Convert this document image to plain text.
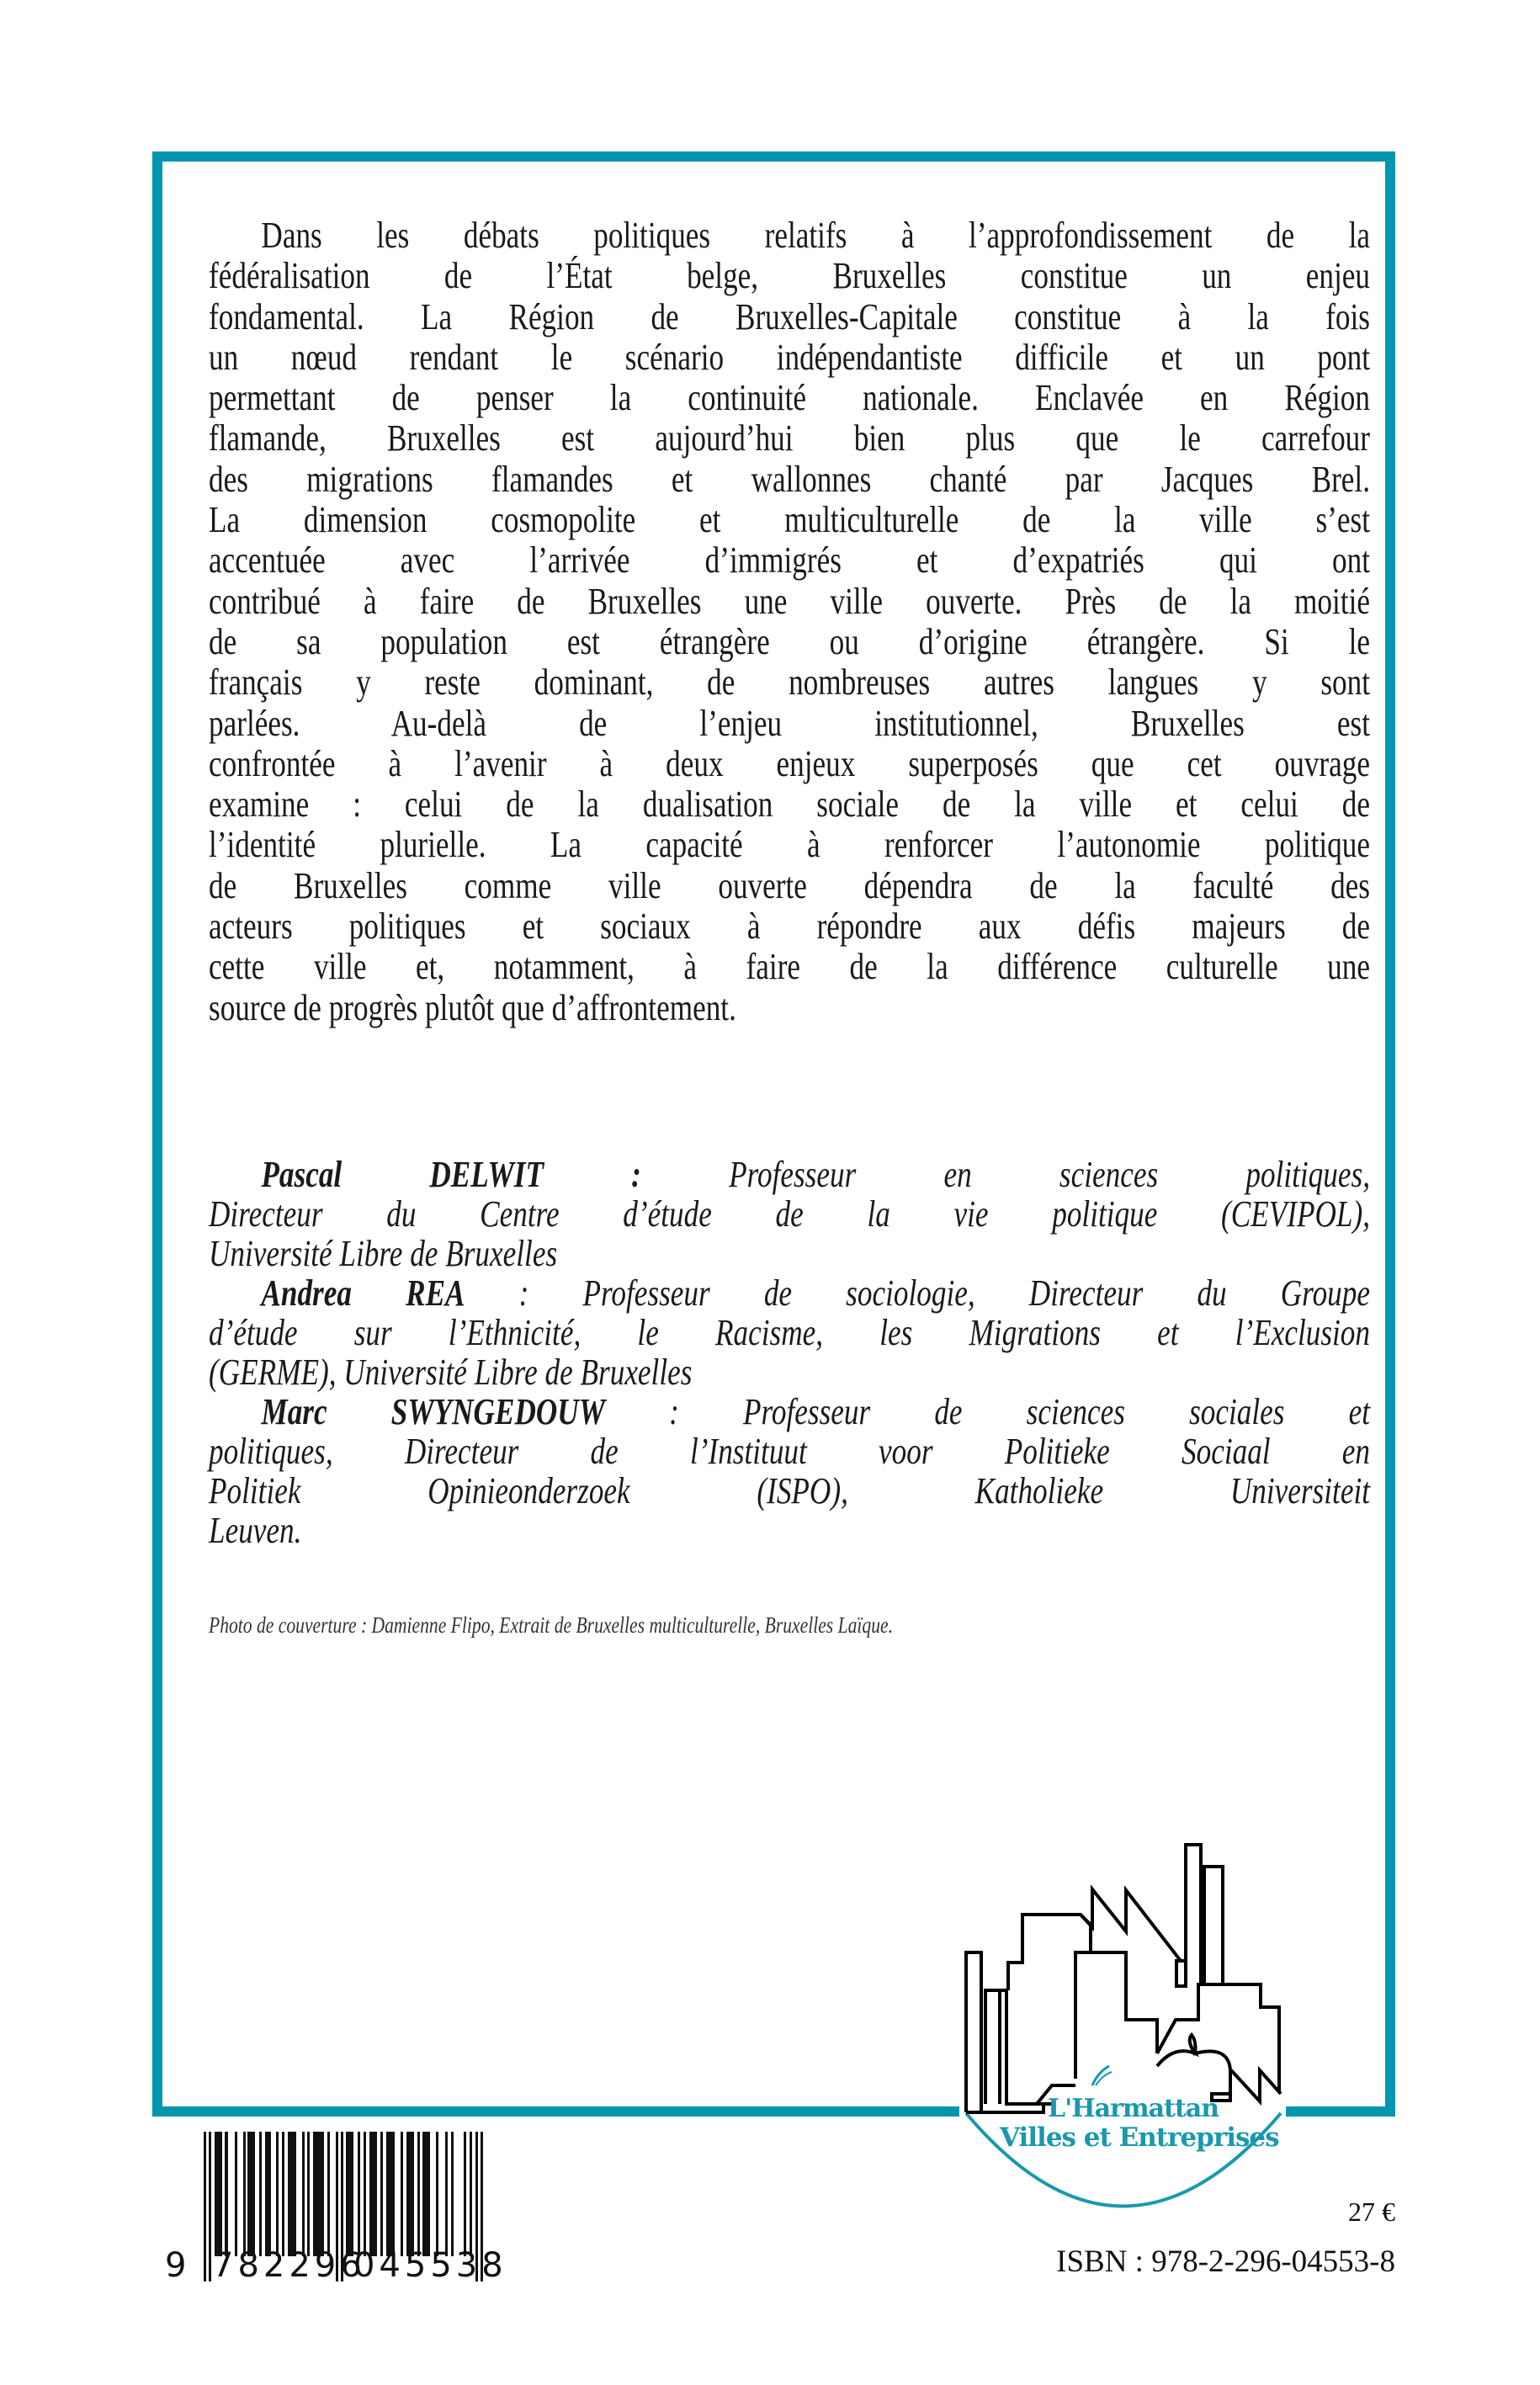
Dans les débats politiques relatifs à l’approfondissement de la
fédéralisation de l’État belge, Bruxelles constitue un enjeu
fondamental. La Région de Bruxelles-Capitale constitue à la fois
un nœud rendant le scénario indépendantiste difficile et un pont
permettant de penser la continuité nationale. Enclavée en Région
flamande, Bruxelles est aujourd’hui bien plus que le carrefour
des migrations flamandes et wallonnes chanté par Jacques Brel.
La dimension cosmopolite et multiculturelle de la ville s’est
accentuée avec l’arrivée d’immigrés et d’expatriés qui ont
contribué à faire de Bruxelles une ville ouverte. Près de la moitié
de sa population est étrangère ou d’origine étrangère. Si le
français y reste dominant, de nombreuses autres langues y sont
parlées. Au-delà de l’enjeu institutionnel, Bruxelles est
confrontée à l’avenir à deux enjeux superposés que cet ouvrage
examine : celui de la dualisation sociale de la ville et celui de
l’identité plurielle. La capacité à renforcer l’autonomie politique
de Bruxelles comme ville ouverte dépendra de la faculté des
acteurs politiques et sociaux à répondre aux défis majeurs de
cette ville et, notamment, à faire de la différence culturelle une
source de progrès plutôt que d’affrontement.
Pascal DELWIT : Professeur en sciences politiques,
Directeur du Centre d’étude de la vie politique (CEVIPOL),
Université Libre de Bruxelles
Andrea REA : Professeur de sociologie, Directeur du Groupe
d’étude sur l’Ethnicité, le Racisme, les Migrations et l’Exclusion
(GERME), Université Libre de Bruxelles
Marc SWYNGEDOUW : Professeur de sciences sociales et
politiques, Directeur de l’Instituut voor Politieke Sociaal en
Politiek Opinieonderzoek (ISPO), Katholieke Universiteit
Leuven.
Photo de couverture : Damienne Flipo, Extrait de Bruxelles multiculturelle, Bruxelles Laïque.
L'Harmattan
Villes et Entreprises
9 782296
045538
27 €
ISBN : 978-2-296-04553-8
